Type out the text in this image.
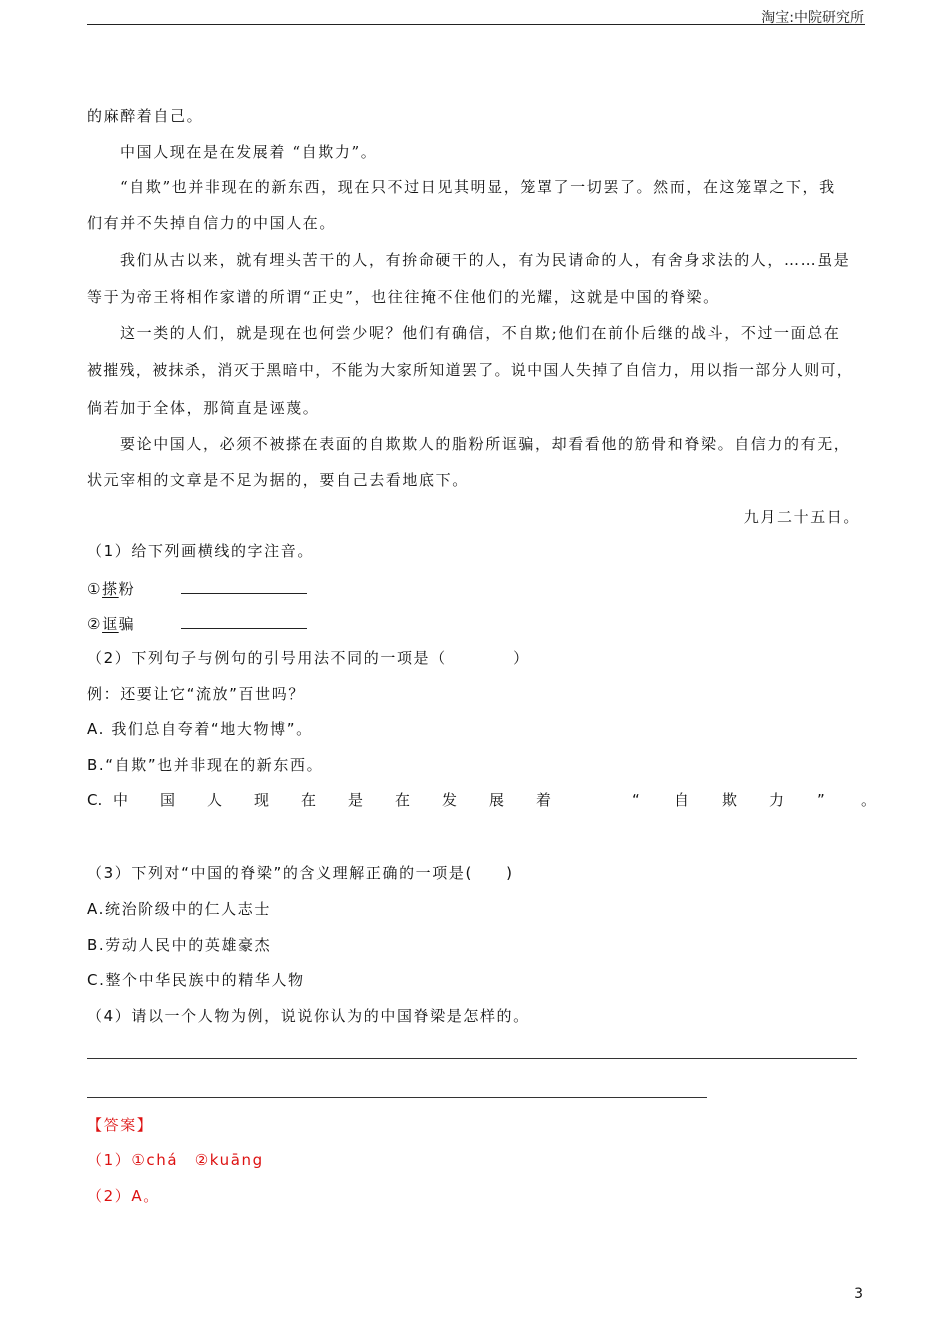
淘宝:中院研究所
的麻醉着自己。
中国人现在是在发展着 “自欺力”。
“自欺”也并非现在的新东西，现在只不过日见其明显，笼罩了一切罢了。然而，在这笼罩之下，我
们有并不失掉自信力的中国人在。
我们从古以来，就有埋头苦干的人，有拚命硬干的人，有为民请命的人，有舍身求法的人，……虽是
等于为帝王将相作家谱的所谓“正史”，也往往掩不住他们的光耀，这就是中国的脊梁。
这一类的人们，就是现在也何尝少呢？他们有确信，不自欺;他们在前仆后继的战斗，不过一面总在
被摧残，被抹杀，消灭于黑暗中，不能为大家所知道罢了。说中国人失掉了自信力，用以指一部分人则可，
倘若加于全体，那简直是诬蔑。
要论中国人，必须不被搽在表面的自欺欺人的脂粉所诓骗，却看看他的筋骨和脊梁。自信力的有无，
状元宰相的文章是不足为据的，要自己去看地底下。
九月二十五日。
（1）给下列画横线的字注音。
①搽粉
②诓骗
（2）下列句子与例句的引号用法不同的一项是（　　　　）
例：还要让它“流放”百世吗？
A. 我们总自夸着“地大物博”。
B.“自欺”也并非现在的新东西。
C. 中 国 人 现 在 是 在 发 展 着	“ 自 欺 力 ” 。
（3）下列对“中国的脊梁”的含义理解正确的一项是(　　)
A.统治阶级中的仁人志士
B.劳动人民中的英雄豪杰
C.整个中华民族中的精华人物
（4）请以一个人物为例，说说你认为的中国脊梁是怎样的。
【答案】
（1）①chá　②kuāng
（2）A。
3
